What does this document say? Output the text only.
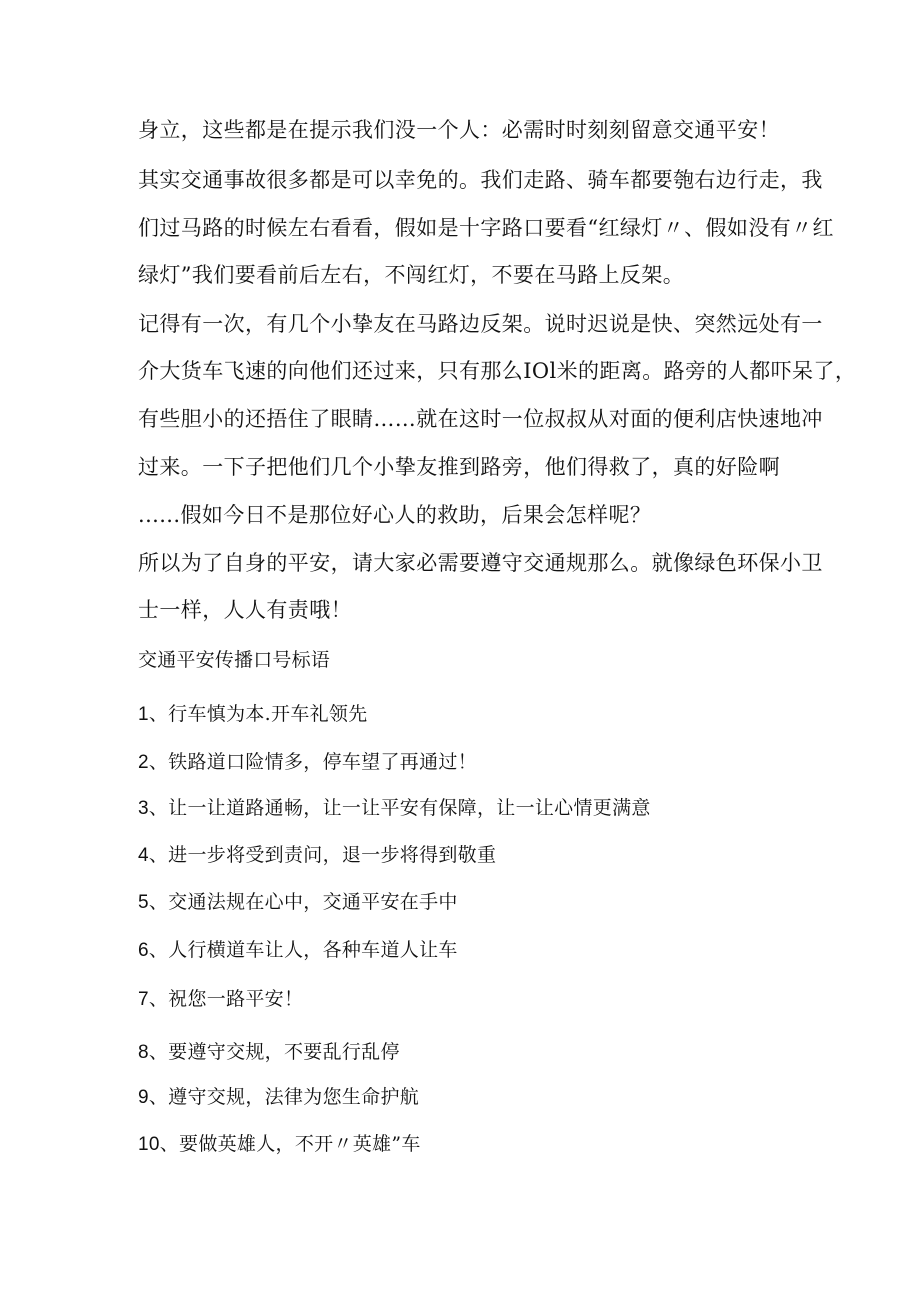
身立，这些都是在提示我们没一个人：必需时时刻刻留意交通平安！
其实交通事故很多都是可以幸免的。我们走路、骑车都要匏右边行走，我
们过马路的时候左右看看，假如是十字路口要看“红绿灯〃、假如没有〃红
绿灯”我们要看前后左右，不闯红灯，不要在马路上反架。
记得有一次，有几个小挚友在马路边反架。说时迟说是快、突然远处有一
介大货车飞速的向他们还过来，只有那么IOl米的距离。路旁的人都吓呆了，
有些胆小的还捂住了眼睛……就在这时一位叔叔从对面的便利店快速地冲
过来。一下子把他们几个小挚友推到路旁，他们得救了，真的好险啊
......假如今日不是那位好心人的救助，后果会怎样呢？
所以为了自身的平安，请大家必需要遵守交通规那么。就像绿色环保小卫
士一样，人人有责哦！
交通平安传播口号标语
1、行车慎为本.开车礼领先
2、铁路道口险情多，停车望了再通过！
3、让一让道路通畅，让一让平安有保障，让一让心情更满意
4、进一步将受到责问，退一步将得到敬重
5、交通法规在心中，交通平安在手中
6、人行横道车让人，各种车道人让车
7、祝您一路平安！
8、要遵守交规，不要乱行乱停
9、遵守交规，法律为您生命护航
10、要做英雄人，不开〃英雄”车
